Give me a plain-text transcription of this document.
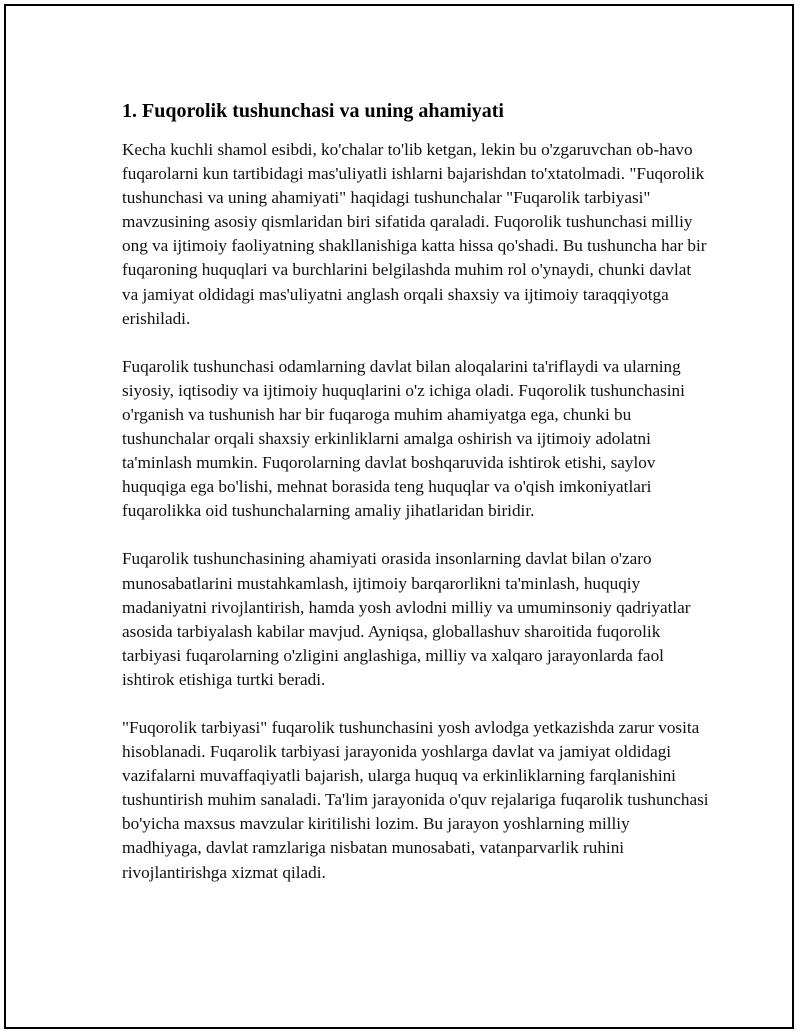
1. Fuqorolik tushunchasi va uning ahamiyati

Kecha kuchli shamol esibdi, ko'chalar to'lib ketgan, lekin bu o'zgaruvchan ob-havo fuqarolarni kun tartibidagi mas'uliyatli ishlarni bajarishdan to'xtatolmadi. "Fuqorolik tushunchasi va uning ahamiyati" haqidagi tushunchalar "Fuqarolik tarbiyasi" mavzusining asosiy qismlaridan biri sifatida qaraladi. Fuqorolik tushunchasi milliy ong va ijtimoiy faoliyatning shakllanishiga katta hissa qo'shadi. Bu tushuncha har bir fuqaroning huquqlari va burchlarini belgilashda muhim rol o'ynaydi, chunki davlat va jamiyat oldidagi mas'uliyatni anglash orqali shaxsiy va ijtimoiy taraqqiyotga erishiladi.

Fuqarolik tushunchasi odamlarning davlat bilan aloqalarini ta'riflaydi va ularning siyosiy, iqtisodiy va ijtimoiy huquqlarini o'z ichiga oladi. Fuqorolik tushunchasini o'rganish va tushunish har bir fuqaroga muhim ahamiyatga ega, chunki bu tushunchalar orqali shaxsiy erkinliklarni amalga oshirish va ijtimoiy adolatni ta'minlash mumkin. Fuqorolarning davlat boshqaruvida ishtirok etishi, saylov huquqiga ega bo'lishi, mehnat borasida teng huquqlar va o'qish imkoniyatlari fuqarolikka oid tushunchalarning amaliy jihatlaridan biridir.

Fuqarolik tushunchasining ahamiyati orasida insonlarning davlat bilan o'zaro munosabatlarini mustahkamlash, ijtimoiy barqarorlikni ta'minlash, huquqiy madaniyatni rivojlantirish, hamda yosh avlodni milliy va umuminsoniy qadriyatlar asosida tarbiyalash kabilar mavjud. Ayniqsa, globallashuv sharoitida fuqorolik tarbiyasi fuqarolarning o'zligini anglashiga, milliy va xalqaro jarayonlarda faol ishtirok etishiga turtki beradi.

"Fuqorolik tarbiyasi" fuqarolik tushunchasini yosh avlodga yetkazishda zarur vosita hisoblanadi. Fuqarolik tarbiyasi jarayonida yoshlarga davlat va jamiyat oldidagi vazifalarni muvaffaqiyatli bajarish, ularga huquq va erkinliklarning farqlanishini tushuntirish muhim sanaladi. Ta'lim jarayonida o'quv rejalariga fuqarolik tushunchasi bo'yicha maxsus mavzular kiritilishi lozim. Bu jarayon yoshlarning milliy madhiyaga, davlat ramzlariga nisbatan munosabati, vatanparvarlik ruhini rivojlantirishga xizmat qiladi.
